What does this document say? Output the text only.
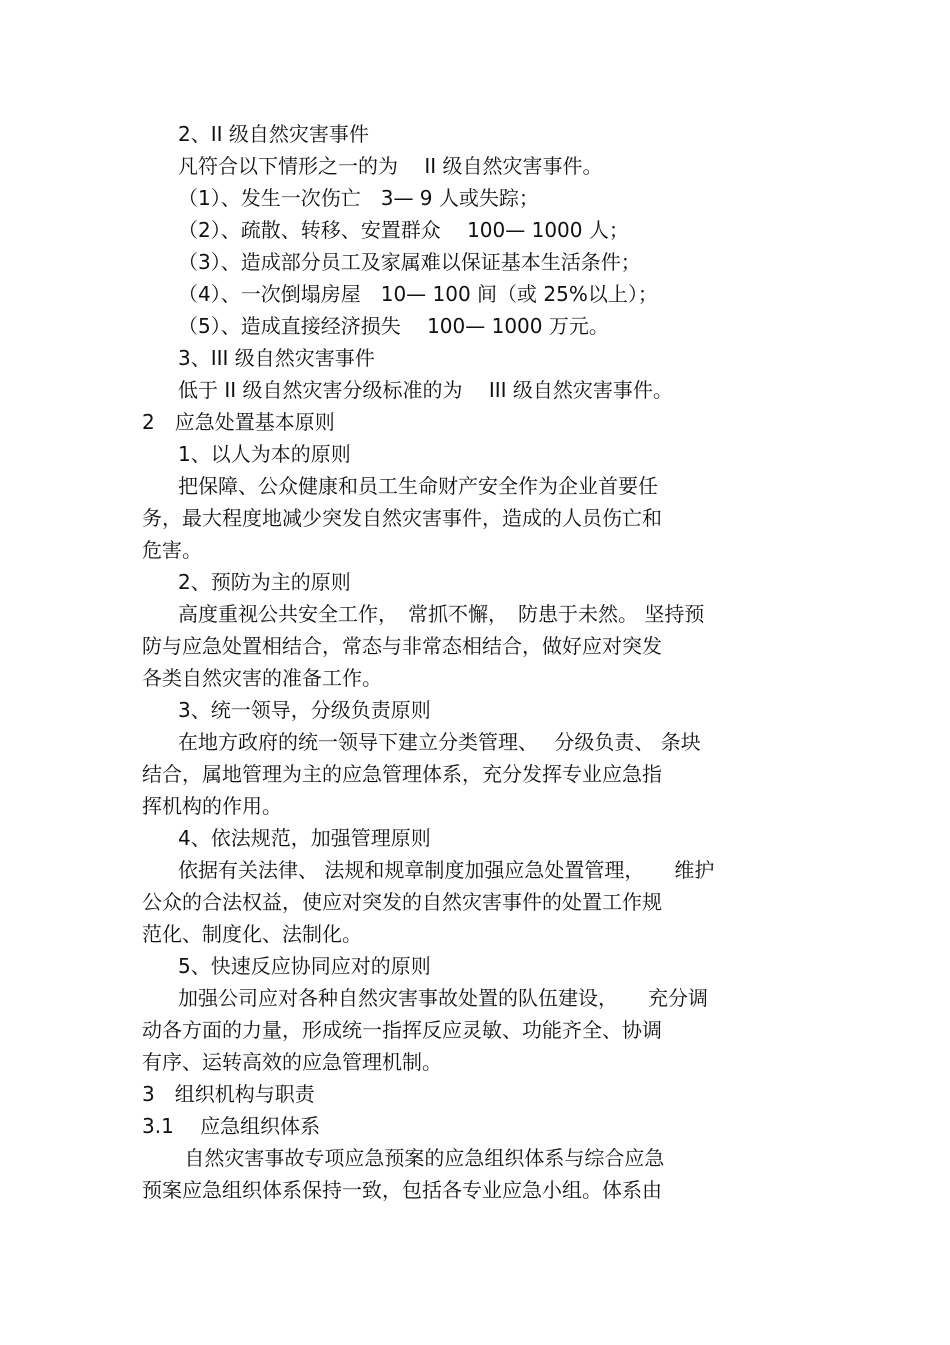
2、II 级自然灾害事件
凡符合以下情形之一的为　 II 级自然灾害事件。
（1）、发生一次伤亡　3— 9 人或失踪；
（2）、疏散、转移、安置群众　 100— 1000 人；
（3）、造成部分员工及家属难以保证基本生活条件；
（4）、一次倒塌房屋　10— 100 间（或 25%以上）；
（5）、造成直接经济损失　 100— 1000 万元。
3、III 级自然灾害事件
低于 II 级自然灾害分级标准的为　 III 级自然灾害事件。
2　应急处置基本原则
1、以人为本的原则
把保障、公众健康和员工生命财产安全作为企业首要任
务，最大程度地减少突发自然灾害事件，造成的人员伤亡和
危害。
2、预防为主的原则
高度重视公共安全工作，　常抓不懈，　防患于未然。 坚持预
防与应急处置相结合，常态与非常态相结合，做好应对突发
各类自然灾害的准备工作。
3、统一领导，分级负责原则
在地方政府的统一领导下建立分类管理、　 分级负责、 条块
结合，属地管理为主的应急管理体系，充分发挥专业应急指
挥机构的作用。
4、依法规范，加强管理原则
依据有关法律、 法规和规章制度加强应急处置管理，　　维护
公众的合法权益，使应对突发的自然灾害事件的处置工作规
范化、制度化、法制化。
5、快速反应协同应对的原则
加强公司应对各种自然灾害事故处置的队伍建设，　　充分调
动各方面的力量，形成统一指挥反应灵敏、功能齐全、协调
有序、运转高效的应急管理机制。
3　组织机构与职责
3.1　 应急组织体系
自然灾害事故专项应急预案的应急组织体系与综合应急
预案应急组织体系保持一致，包括各专业应急小组。体系由
